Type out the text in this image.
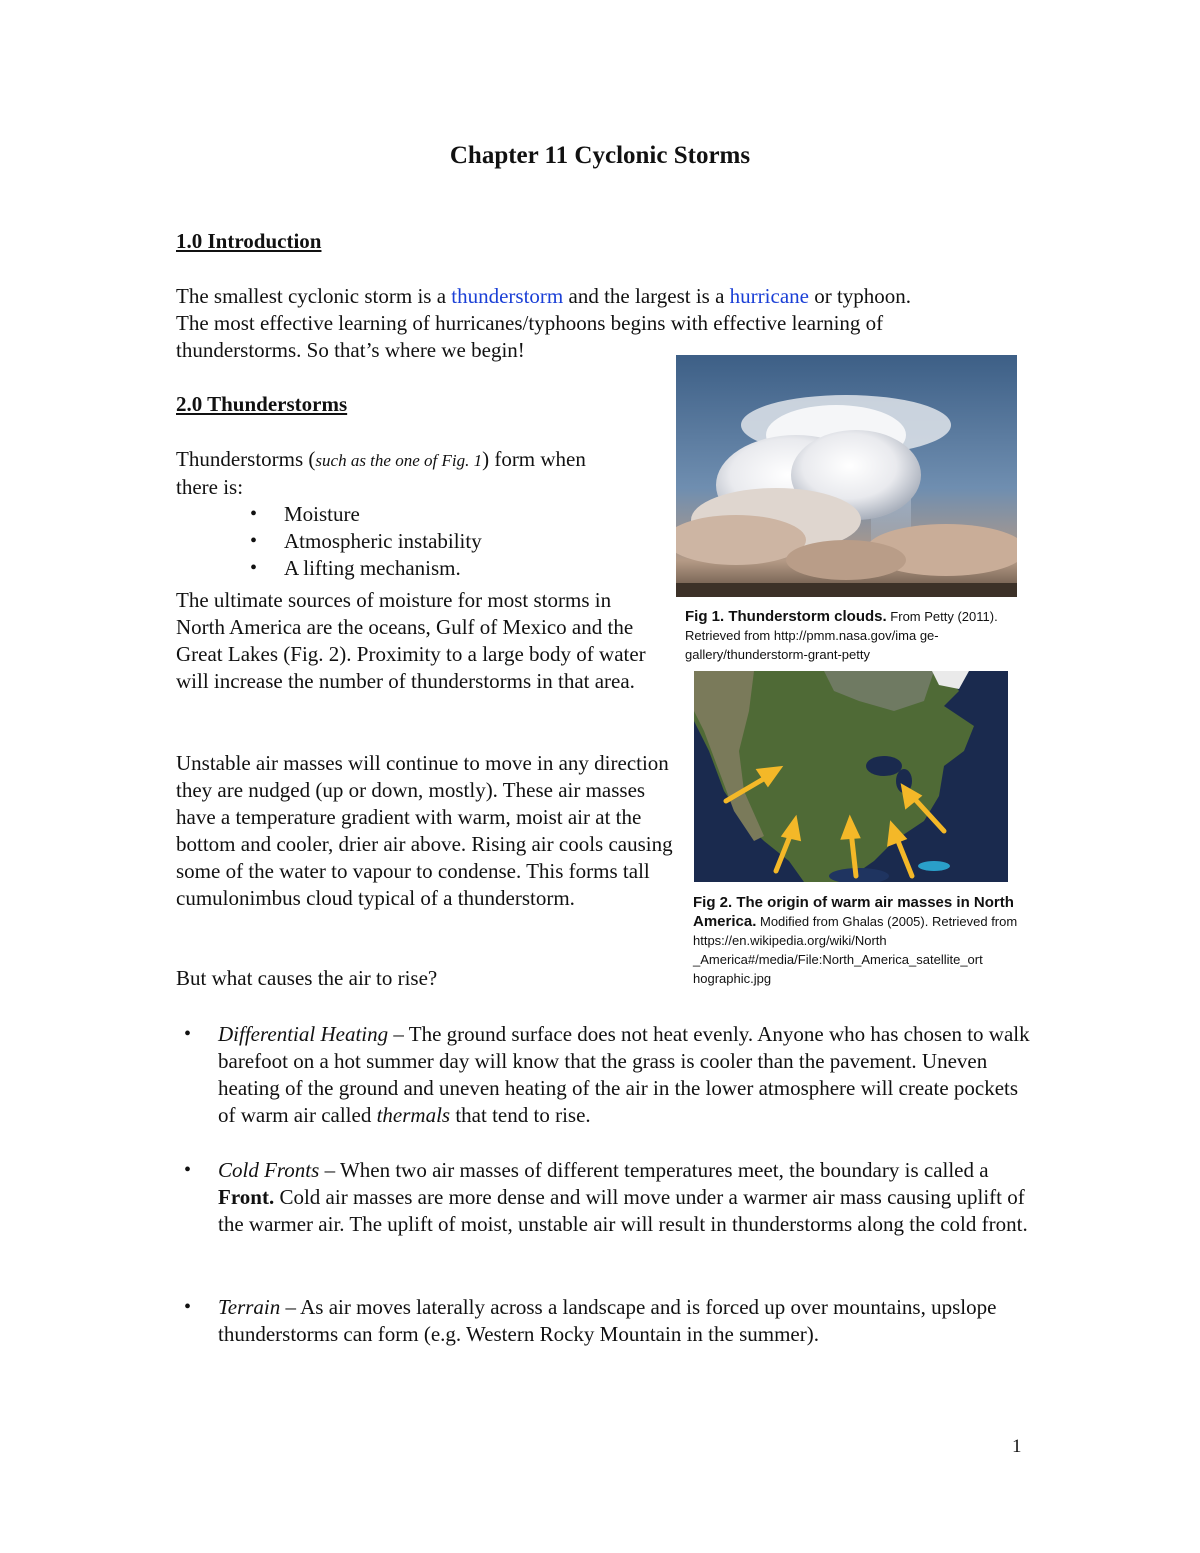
Chapter 11 Cyclonic Storms
1.0 Introduction
The smallest cyclonic storm is a thunderstorm and the largest is a hurricane or typhoon.
The most effective learning of hurricanes/typhoons begins with effective learning of
thunderstorms. So that’s where we begin!
2.0 Thunderstorms
Thunderstorms (such as the one of Fig. 1) form when
there is:
• Moisture
• Atmospheric instability
• A lifting mechanism.
The ultimate sources of moisture for most storms in North America are the oceans, Gulf of Mexico and the Great Lakes (Fig. 2). Proximity to a large body of water will increase the number of thunderstorms in that area.
Unstable air masses will continue to move in any direction they are nudged (up or down, mostly). These air masses have a temperature gradient with warm, moist air at the bottom and cooler, drier air above. Rising air cools causing some of the water to vapour to condense. This forms tall cumulonimbus cloud typical of a thunderstorm.
But what causes the air to rise?
Fig 1. Thunderstorm clouds. From Petty (2011). Retrieved from http://pmm.nasa.gov/ima ge-gallery/thunderstorm-grant-petty
Fig 2. The origin of warm air masses in North America. Modified from Ghalas (2005). Retrieved from https://en.wikipedia.org/wiki/North _America#/media/File:North_America_satellite_ort hographic.jpg
• Differential Heating – The ground surface does not heat evenly. Anyone who has chosen to walk barefoot on a hot summer day will know that the grass is cooler than the pavement. Uneven heating of the ground and uneven heating of the air in the lower atmosphere will create pockets of warm air called thermals that tend to rise.
• Cold Fronts – When two air masses of different temperatures meet, the boundary is called a Front. Cold air masses are more dense and will move under a warmer air mass causing uplift of the warmer air. The uplift of moist, unstable air will result in thunderstorms along the cold front.
• Terrain – As air moves laterally across a landscape and is forced up over mountains, upslope thunderstorms can form (e.g. Western Rocky Mountain in the summer).
1
